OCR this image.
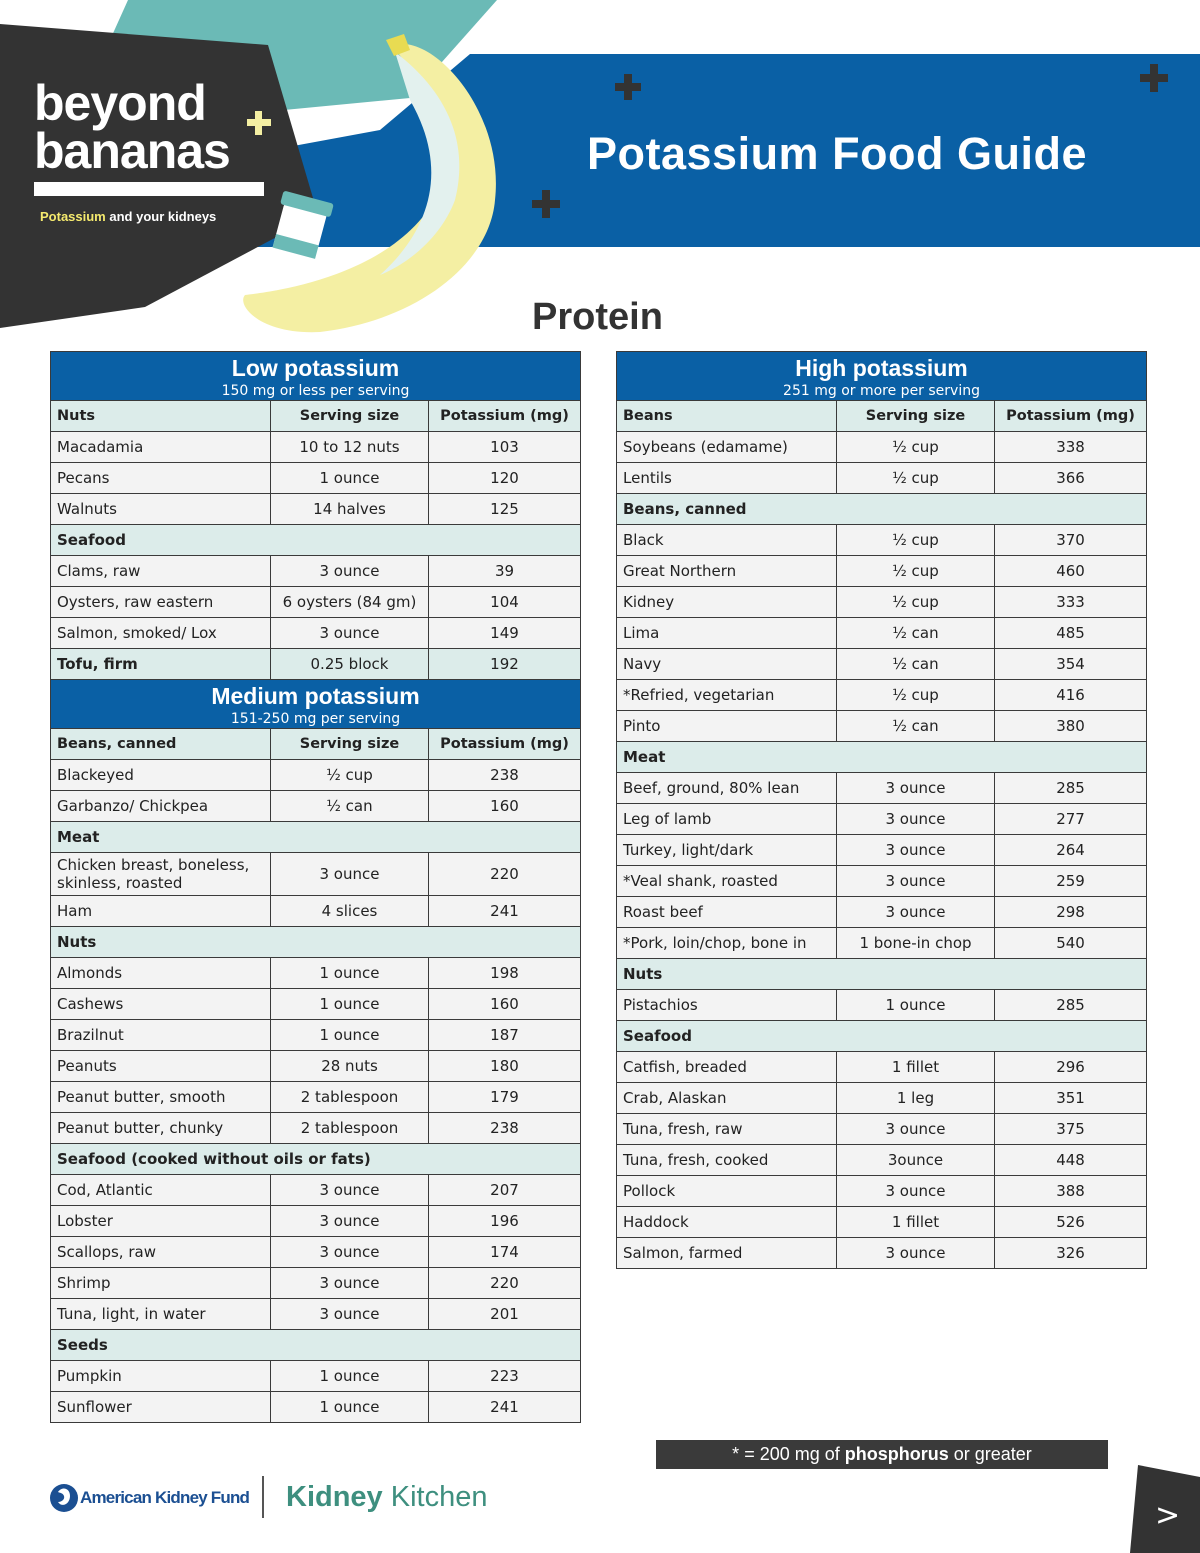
beyond
bananas
Potassium and your kidneys
Potassium Food Guide
Protein
Low potassium
150 mg or less per serving		

Nuts	Serving size	Potassium (mg)
Macadamia	10 to 12 nuts	103
Pecans	1 ounce	120
Walnuts	14 halves	125
Seafood		
Clams, raw	3 ounce	39
Oysters, raw eastern	6 oysters (84 gm)	104
Salmon, smoked/ Lox	3 ounce	149
Tofu, firm	0.25 block	192

Medium potassium
151-250 mg per serving		

Beans, canned	Serving size	Potassium (mg)
Blackeyed	½ cup	238
Garbanzo/ Chickpea	½ can	160
Meat		
Chicken breast, boneless, skinless, roasted	3 ounce	220
Ham	4 slices	241
Nuts		
Almonds	1 ounce	198
Cashews	1 ounce	160
Brazilnut	1 ounce	187
Peanuts	28 nuts	180
Peanut butter, smooth	2 tablespoon	179
Peanut butter, chunky	2 tablespoon	238
Seafood (cooked without oils or fats)		
Cod, Atlantic	3 ounce	207
Lobster	3 ounce	196
Scallops, raw	3 ounce	174
Shrimp	3 ounce	220
Tuna, light, in water	3 ounce	201
Seeds		
Pumpkin	1 ounce	223
Sunflower	1 ounce	241
High potassium
251 mg or more per serving		

Beans	Serving size	Potassium (mg)
Soybeans (edamame)	½ cup	338
Lentils	½ cup	366
Beans, canned		
Black	½ cup	370
Great Northern	½ cup	460
Kidney	½ cup	333
Lima	½ can	485
Navy	½ can	354
*Refried, vegetarian	½ cup	416
Pinto	½ can	380
Meat		
Beef, ground, 80% lean	3 ounce	285
Leg of lamb	3 ounce	277
Turkey, light/dark	3 ounce	264
*Veal shank, roasted	3 ounce	259
Roast beef	3 ounce	298
*Pork, loin/chop, bone in	1 bone-in chop	540
Nuts		
Pistachios	1 ounce	285
Seafood		
Catfish, breaded	1 fillet	296
Crab, Alaskan	1 leg	351
Tuna, fresh, raw	3 ounce	375
Tuna, fresh, cooked	3ounce	448
Pollock	3 ounce	388
Haddock	1 fillet	526
Salmon, farmed	3 ounce	326
* = 200 mg of phosphorus or greater
American Kidney Fund Kidney Kitchen
>
